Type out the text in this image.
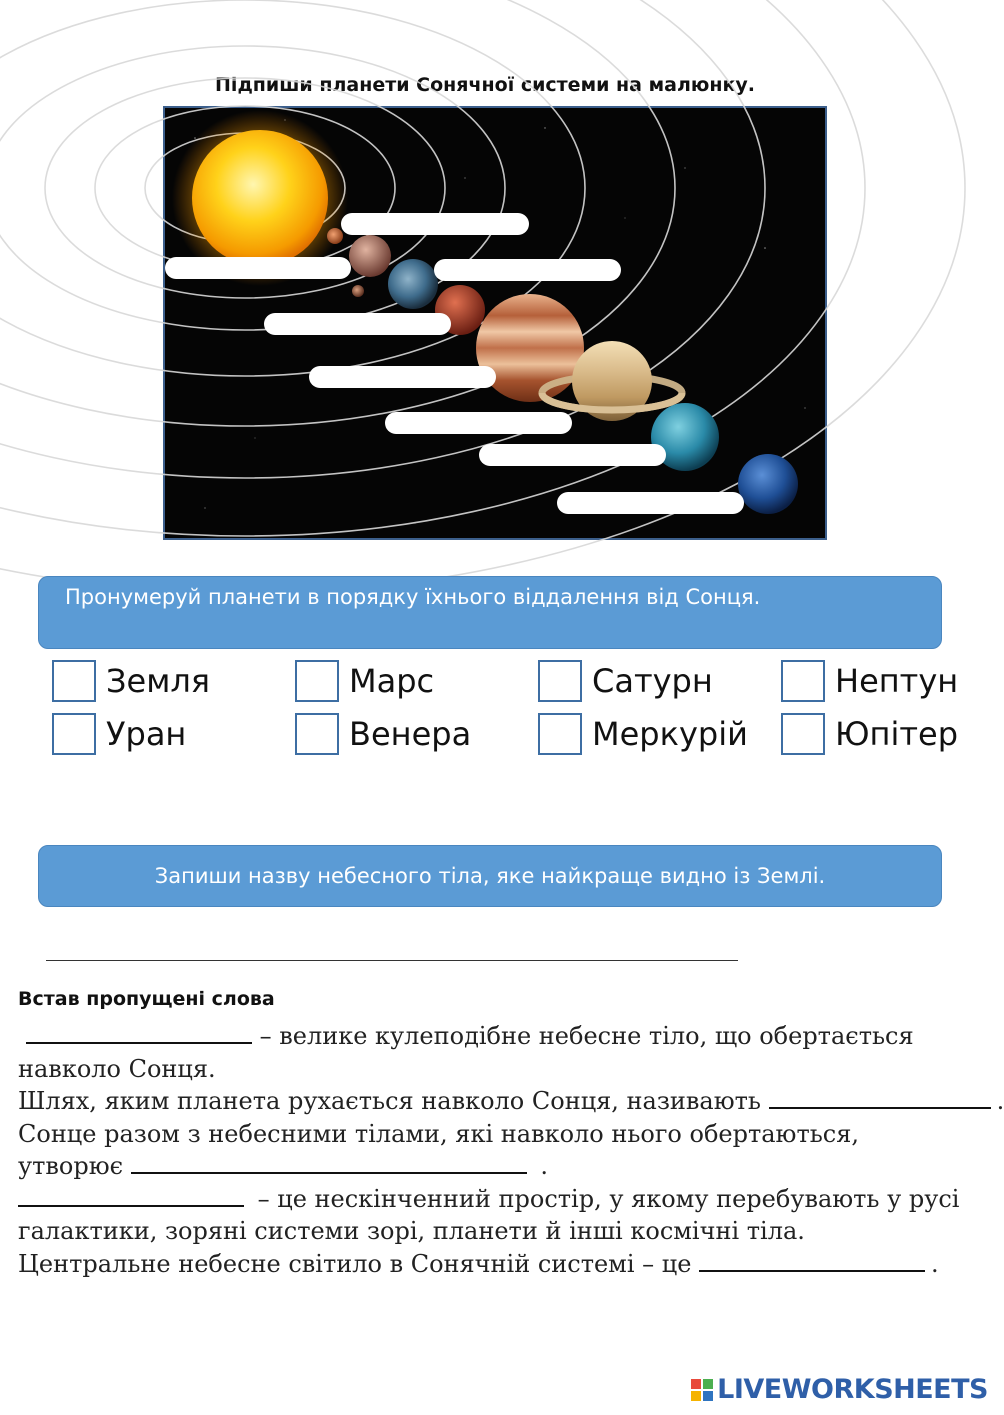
Підпиши планети Сонячної системи на малюнку.
Пронумеруй планети в порядку їхнього віддалення від Сонця.
Земля	Марс	Сатурн	Нептун
Уран	Венера	Меркурій	Юпітер
Запиши назву небесного тіла, яке найкраще видно із Землі.
Встав пропущені слова

– велике кулеподібне небесне тіло, що обертається

навколо Сонця.

Шлях, яким планета рухається навколо Сонця, називають	.

Сонце разом з небесними тілами, які навколо нього обертаються,

утворює	.

– це нескінченний простір, у якому перебувають у русі

галактики, зоряні системи зорі, планети й інші космічні тіла.

Центральне небесне світило в Сонячній системі – це	.

LIVEWORKSHEETS
